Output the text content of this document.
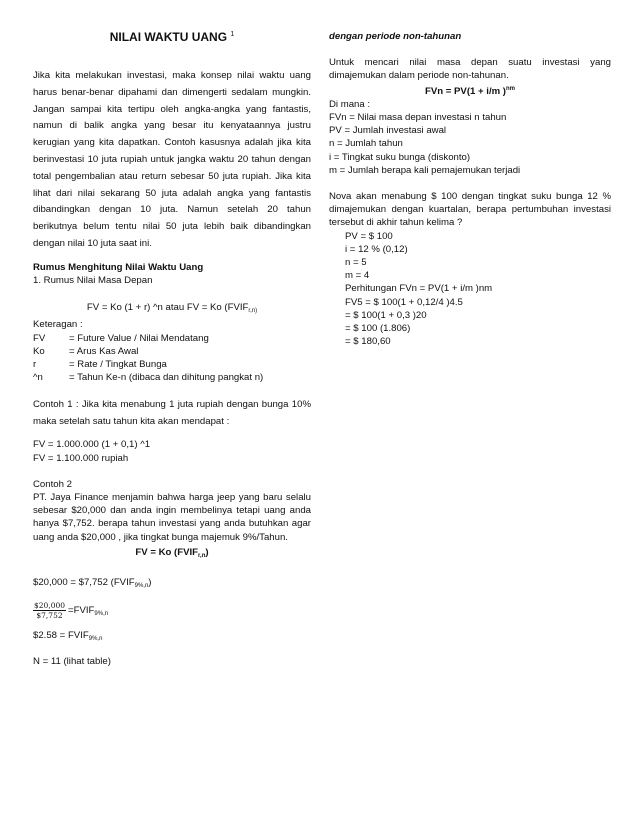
NILAI WAKTU UANG $^1$

Jika kita melakukan investasi, maka konsep nilai waktu uang harus benar-benar dipahami dan dimengerti sedalam mungkin. Jangan sampai kita tertipu oleh angka-angka yang fantastis, namun di balik angka yang besar itu kenyataannya justru kerugian yang kita dapatkan. Contoh kasusnya adalah jika kita berinvestasi 10 juta rupiah untuk jangka waktu 20 tahun dengan total pengembalian atau return sebesar 50 juta rupiah. Jika kita lihat dari nilai sekarang 50 juta adalah angka yang fantastis dibandingkan dengan 10 juta. Namun setelah 20 tahun berikutnya belum tentu nilai 50 juta lebih baik dibandingkan dengan nilai 10 juta saat ini.

Rumus Menghitung Nilai Waktu Uang

1. Rumus Nilai Masa Depan

FV = Ko (1 + r) ^n atau FV = Ko ($FVIF_{r,n)}$

Keteragan :

FV	= Future Value / Nilai Mendatang
Ko	= Arus Kas Awal
r	= Rate / Tingkat Bunga
^n	= Tahun Ke-n (dibaca dan dihitung pangkat n)

Contoh 1 : Jika kita menabung 1 juta rupiah dengan bunga 10% maka setelah satu tahun kita akan mendapat :

FV = 1.000.000 (1 + 0,1) ^1

FV = 1.100.000 rupiah

Contoh 2

PT. Jaya Finance menjamin bahwa harga jeep yang baru selalu sebesar $20,000 dan anda ingin membelinya tetapi uang anda hanya $7,752. berapa tahun investasi yang anda butuhkan agar uang anda $20,000 , jika tingkat bunga majemuk 9%/Tahun.

FV = Ko $(FVIF_{r,n})$

$20,000 = $7,752 $(FVIF_{9\%,n})$

$\frac{\$20,000}{\$7,752}$ $=FVIF_{9\%,n}$

$2.58 = $FVIF_{9\%,n}$

N = 11 (lihat table)

dengan periode non-tahunan

Untuk mencari nilai masa depan suatu investasi yang dimajemukan dalam periode non-tahunan.

FVn = PV(1 + i/m )$^{nm}$

Di mana :

FVn = Nilai masa depan investasi n tahun

PV = Jumlah investasi awal

n = Jumlah tahun

i = Tingkat suku bunga (diskonto)

m = Jumlah berapa kali pemajemukan terjadi

Nova akan menabung $ 100 dengan tingkat suku bunga 12 % dimajemukan dengan kuartalan, berapa pertumbuhan investasi tersebut di akhir tahun kelima ?

PV = $ 100

i = 12 % (0,12)

n = 5

m = 4

Perhitungan FVn = PV(1 + i/m )nm

FV5 = $ 100(1 + 0,12/4 )4.5

= $ 100(1 + 0,3 )20

= $ 100 (1.806)

= $ 180,60
